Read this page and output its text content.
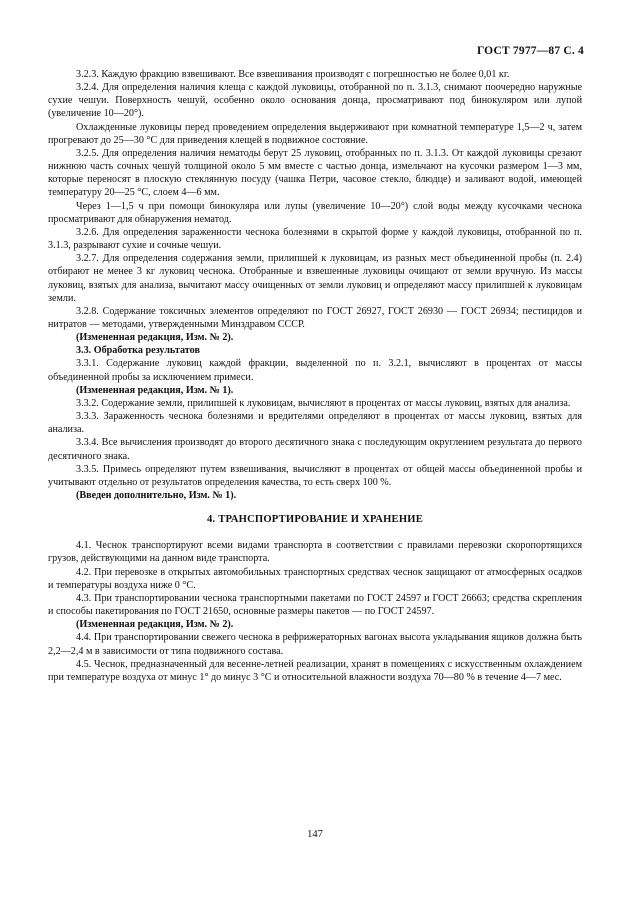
ГОСТ 7977—87 С. 4

3.2.3. Каждую фракцию взвешивают. Все взвешивания производят с погрешностью не более 0,01 кг.

3.2.4. Для определения наличия клеща с каждой луковицы, отобранной по п. 3.1.3, снимают поочередно наружные сухие чешуи. Поверхность чешуй, особенно около основания донца, просматривают под бинокуляром или лупой (увеличение 10—20°).

Охлажденные луковицы перед проведением определения выдерживают при комнатной температуре 1,5—2 ч, затем прогревают до 25—30 °С для приведения клещей в подвижное состояние.

3.2.5. Для определения наличия нематоды берут 25 луковиц, отобранных по п. 3.1.3. От каждой луковицы срезают нижнюю часть сочных чешуй толщиной около 5 мм вместе с частью донца, измельчают на кусочки размером 1—3 мм, которые переносят в плоскую стеклянную посуду (чашка Петри, часовое стекло, блюдце) и заливают водой, имеющей температуру 20—25 °С, слоем 4—6 мм.

Через 1—1,5 ч при помощи бинокуляра или лупы (увеличение 10—20°) слой воды между кусочками чеснока просматривают для обнаружения нематод.

3.2.6. Для определения зараженности чеснока болезнями в скрытой форме у каждой луковицы, отобранной по п. 3.1.3, разрывают сухие и сочные чешуи.

3.2.7. Для определения содержания земли, прилипшей к луковицам, из разных мест объединенной пробы (п. 2.4) отбирают не менее 3 кг луковиц чеснока. Отобранные и взвешенные луковицы очищают от земли вручную. Из массы луковиц, взятых для анализа, вычитают массу очищенных от земли луковиц и определяют массу прилипшей к луковицам земли.

3.2.8. Содержание токсичных элементов определяют по ГОСТ 26927, ГОСТ 26930 — ГОСТ 26934; пестицидов и нитратов — методами, утвержденными Минздравом СССР.

(Измененная редакция, Изм. № 2).

3.3. Обработка результатов

3.3.1. Содержание луковиц каждой фракции, выделенной по п. 3.2.1, вычисляют в процентах от массы объединенной пробы за исключением примеси.

(Измененная редакция, Изм. № 1).

3.3.2. Содержание земли, прилипшей к луковицам, вычисляют в процентах от массы луковиц, взятых для анализа.

3.3.3. Зараженность чеснока болезнями и вредителями определяют в процентах от массы луковиц, взятых для анализа.

3.3.4. Все вычисления производят до второго десятичного знака с последующим округлением результата до первого десятичного знака.

3.3.5. Примесь определяют путем взвешивания, вычисляют в процентах от общей массы объединенной пробы и учитывают отдельно от результатов определения качества, то есть сверх 100 %.

(Введен дополнительно, Изм. № 1).

4. ТРАНСПОРТИРОВАНИЕ И ХРАНЕНИЕ

4.1. Чеснок транспортируют всеми видами транспорта в соответствии с правилами перевозки скоропортящихся грузов, действующими на данном виде транспорта.

4.2. При перевозке в открытых автомобильных транспортных средствах чеснок защищают от атмосферных осадков и температуры воздуха ниже 0 °С.

4.3. При транспортировании чеснока транспортными пакетами по ГОСТ 24597 и ГОСТ 26663; средства скрепления и способы пакетирования по ГОСТ 21650, основные размеры пакетов — по ГОСТ 24597.

(Измененная редакция, Изм. № 2).

4.4. При транспортировании свежего чеснока в рефрижераторных вагонах высота укладывания ящиков должна быть 2,2—2,4 м в зависимости от типа подвижного состава.

4.5. Чеснок, предназначенный для весенне-летней реализации, хранят в помещениях с искусственным охлаждением при температуре воздуха от минус 1° до минус 3 °С и относительной влажности воздуха 70—80 % в течение 4—7 мес.

147
